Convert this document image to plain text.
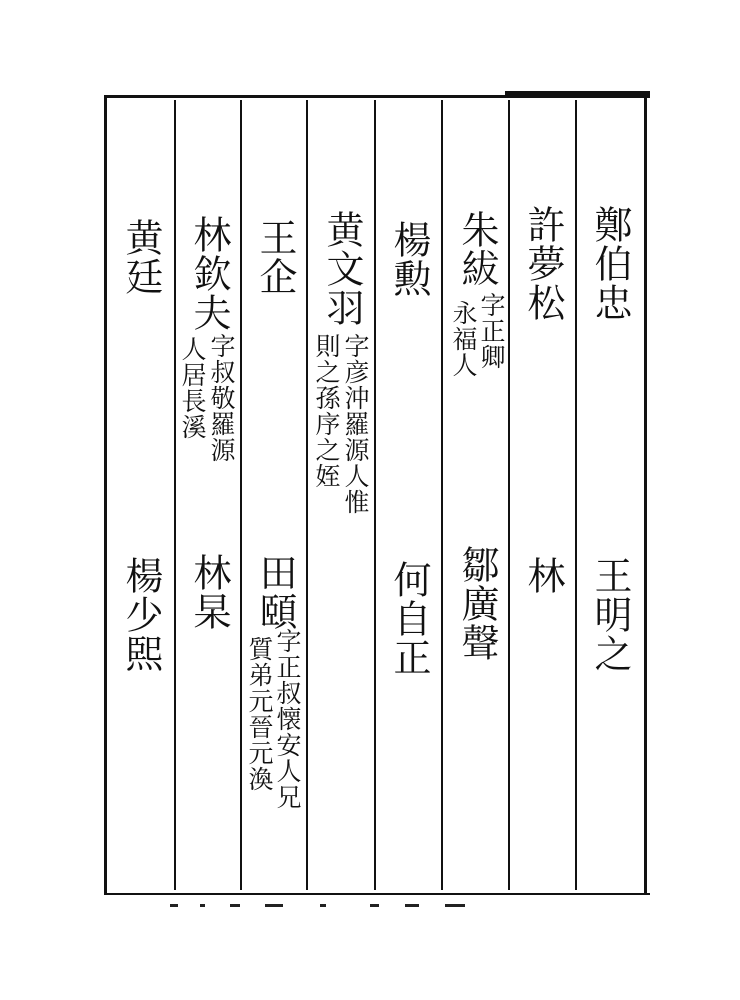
鄭伯忠
王明之
許夢松
林　
朱紱
字正卿
永福人
鄒廣聲
楊勲
何自正
黄文羽
字彦沖羅源人惟
則之孫序之姪
王企
田頤
字正叔懐安人兄
質弟元晉元渙
林欽夫
字叔敬羅源
人居長溪
林杲
黄廷
楊少𤋮
